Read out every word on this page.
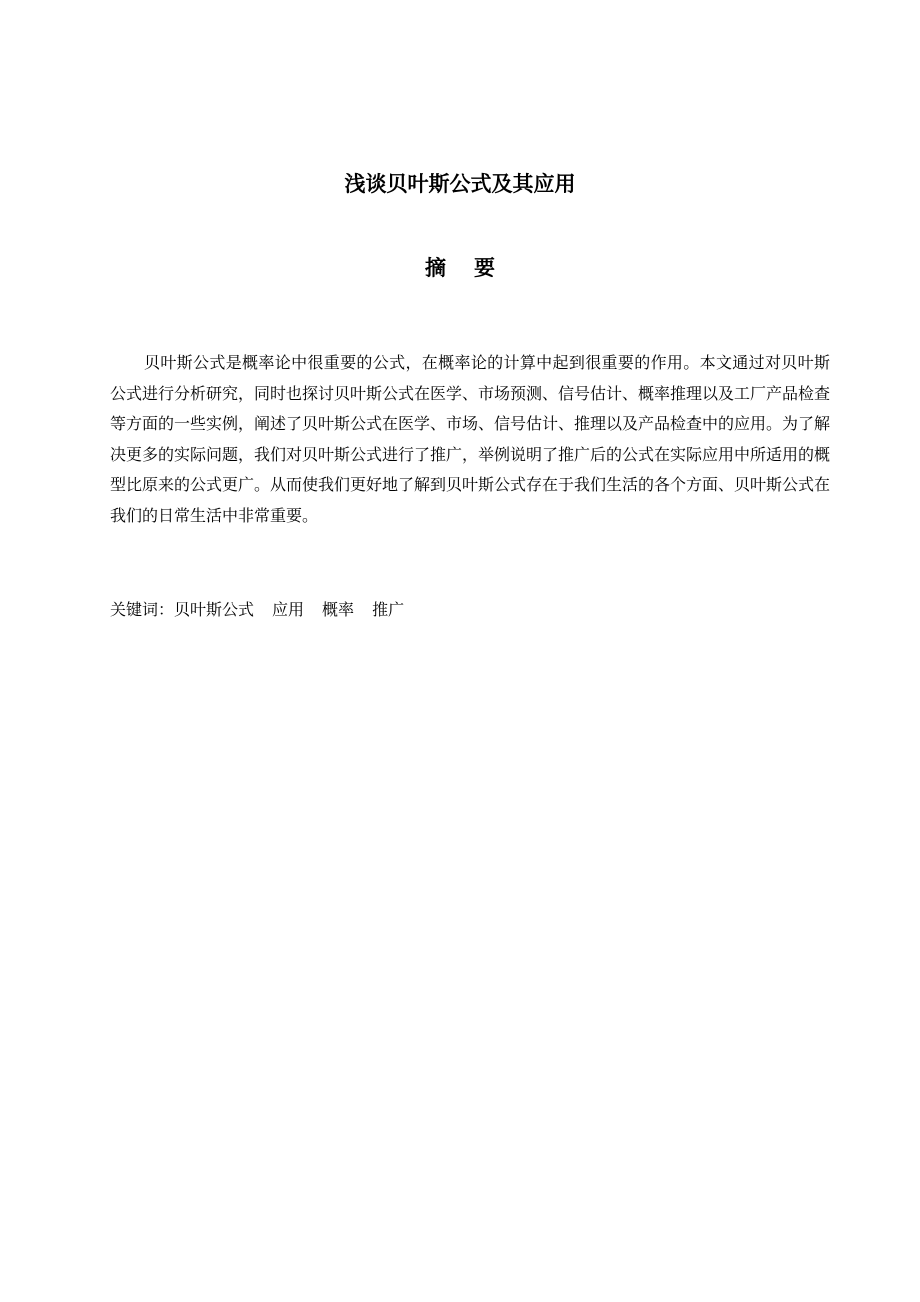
浅谈贝叶斯公式及其应用
摘 要

贝叶斯公式是概率论中很重要的公式，在概率论的计算中起到很重要的作用。本文通过对贝叶斯公式进行分析研究，同时也探讨贝叶斯公式在医学、市场预测、信号估计、概率推理以及工厂产品检查等方面的一些实例，阐述了贝叶斯公式在医学、市场、信号估计、推理以及产品检查中的应用。为了解决更多的实际问题，我们对贝叶斯公式进行了推广，举例说明了推广后的公式在实际应用中所适用的概型比原来的公式更广。从而使我们更好地了解到贝叶斯公式存在于我们生活的各个方面、贝叶斯公式在我们的日常生活中非常重要。

关键词：贝叶斯公式 应用 概率 推广
